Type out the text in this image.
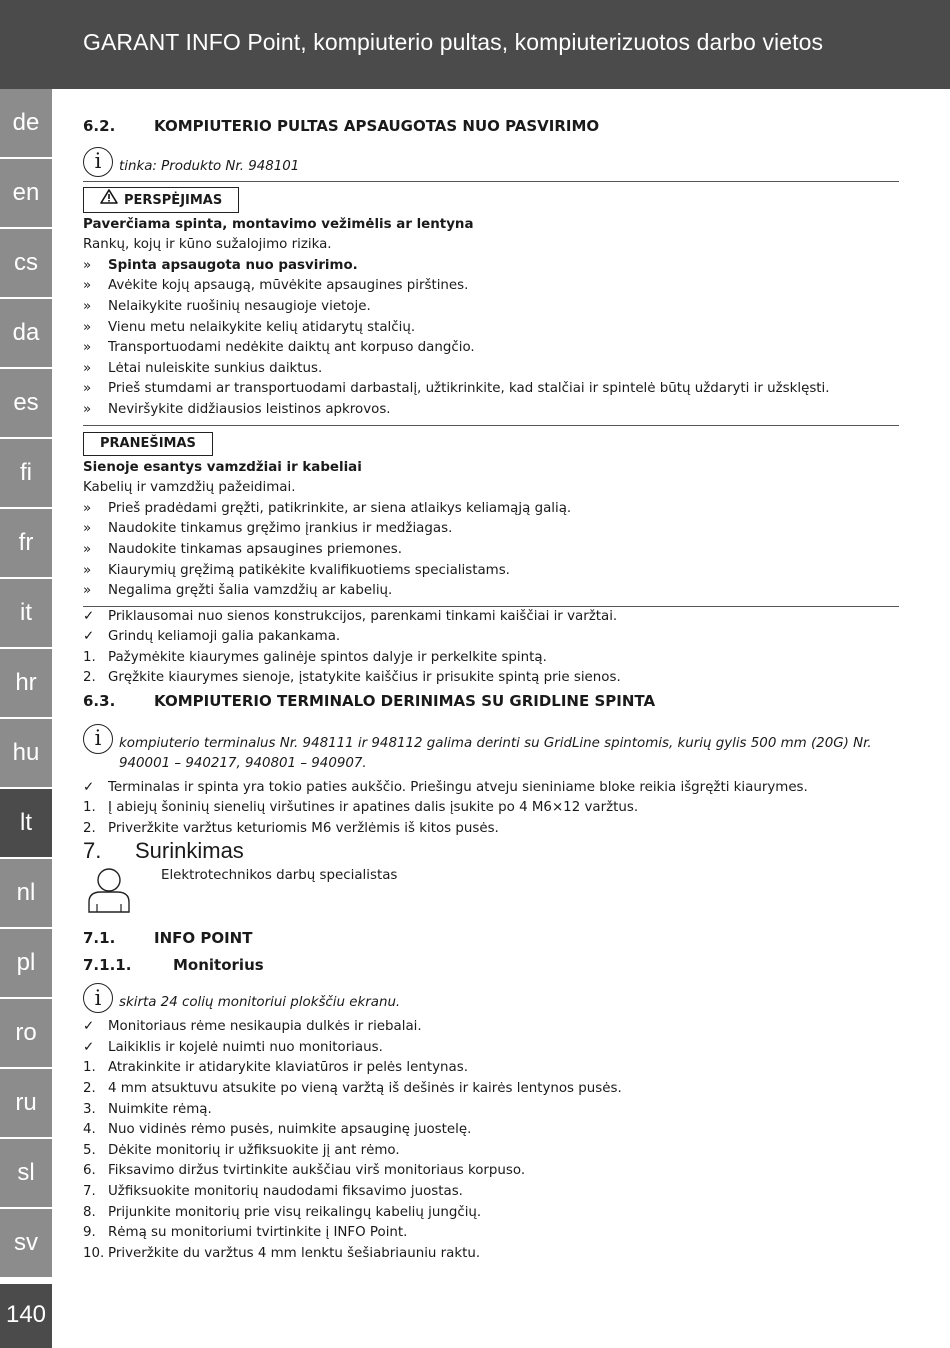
GARANT INFO Point, kompiuterio pultas, kompiuterizuotos darbo vietos
de
en
cs
da
es
fi
fr
it
hr
hu
lt
nl
pl
ro
ru
sl
sv
140
6.2.	KOMPIUTERIO PULTAS APSAUGOTAS NUO PASVIRIMO
i	tinka: Produkto Nr. 948101
PERSPĖJIMAS
Paverčiama spinta, montavimo vežimėlis ar lentyna
Rankų, kojų ir kūno sužalojimo rizika.
»	Spinta apsaugota nuo pasvirimo.
»	Avėkite kojų apsaugą, mūvėkite apsaugines pirštines.
»	Nelaikykite ruošinių nesaugioje vietoje.
»	Vienu metu nelaikykite kelių atidarytų stalčių.
»	Transportuodami nedėkite daiktų ant korpuso dangčio.
»	Lėtai nuleiskite sunkius daiktus.
»	Prieš stumdami ar transportuodami darbastalį, užtikrinkite, kad stalčiai ir spintelė būtų uždaryti ir užsklęsti.
»	Neviršykite didžiausios leistinos apkrovos.
PRANEŠIMAS
Sienoje esantys vamzdžiai ir kabeliai
Kabelių ir vamzdžių pažeidimai.
»	Prieš pradėdami gręžti, patikrinkite, ar siena atlaikys keliamąją galią.
»	Naudokite tinkamus gręžimo įrankius ir medžiagas.
»	Naudokite tinkamas apsaugines priemones.
»	Kiaurymių gręžimą patikėkite kvalifikuotiems specialistams.
»	Negalima gręžti šalia vamzdžių ar kabelių.
✓	Priklausomai nuo sienos konstrukcijos, parenkami tinkami kaiščiai ir varžtai.
✓	Grindų keliamoji galia pakankama.
1. Pažymėkite kiaurymes galinėje spintos dalyje ir perkelkite spintą.
2. Gręžkite kiaurymes sienoje, įstatykite kaiščius ir prisukite spintą prie sienos.
6.3.	KOMPIUTERIO TERMINALO DERINIMAS SU GRIDLINE SPINTA
i	kompiuterio terminalus Nr. 948111 ir 948112 galima derinti su GridLine spintomis, kurių gylis 500 mm (20G) Nr. 940001 – 940217, 940801 – 940907.
✓	Terminalas ir spinta yra tokio paties aukščio. Priešingu atveju sieniniame bloke reikia išgręžti kiaurymes.
1. Į abiejų šoninių sienelių viršutines ir apatines dalis įsukite po 4 M6×12 varžtus.
2. Priveržkite varžtus keturiomis M6 veržlėmis iš kitos pusės.
7.	Surinkimas
Elektrotechnikos darbų specialistas
7.1.	INFO POINT
7.1.1.	Monitorius
i	skirta 24 colių monitoriui plokščiu ekranu.
✓	Monitoriaus rėme nesikaupia dulkės ir riebalai.
✓	Laikiklis ir kojelė nuimti nuo monitoriaus.
1. Atrakinkite ir atidarykite klaviatūros ir pelės lentynas.
2. 4 mm atsuktuvu atsukite po vieną varžtą iš dešinės ir kairės lentynos pusės.
3. Nuimkite rėmą.
4. Nuo vidinės rėmo pusės, nuimkite apsauginę juostelę.
5. Dėkite monitorių ir užfiksuokite jį ant rėmo.
6. Fiksavimo diržus tvirtinkite aukščiau virš monitoriaus korpuso.
7. Užfiksuokite monitorių naudodami fiksavimo juostas.
8. Prijunkite monitorių prie visų reikalingų kabelių jungčių.
9. Rėmą su monitoriumi tvirtinkite į INFO Point.
10. Priveržkite du varžtus 4 mm lenktu šešiabriauniu raktu.
